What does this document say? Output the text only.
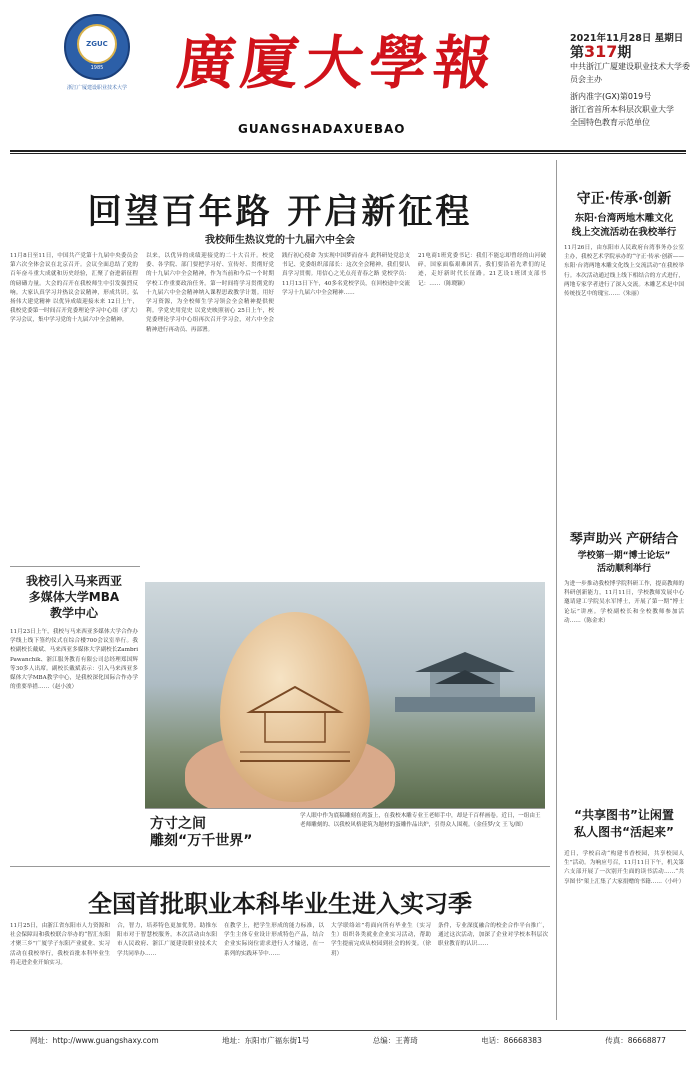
ZGUC
1985
浙江广厦建设职业技术大学 廣廈大學報
GUANGSHADAXUEBAO
2021年11月28日 星期日
第317期
中共浙江广厦建设职业技术大学委员会主办
浙内准字(GX)第019号
浙江省首所本科层次职业大学
全国特色教育示范单位
回望百年路 开启新征程
我校师生热议党的十九届六中全会
11月8日至11日，中国共产党第十九届中央委员会第六次全体会议在北京召开。会议全面总结了党的百年奋斗重大成就和历史经验，汇聚了奋进新征程的磅礴力量。大会的召开在我校师生中引发强烈反响。大家认真学习并热议会议精神，形成共识。弘扬伟大建党精神 以优异成绩迎接未来 12日上午，我校党委第一时间召开党委理论学习中心组（扩大）学习会议，集中学习党的十九届六中全会精神。
以来，以优异的成绩迎接党的二十大召开。校党委、各学院、部门要把学习好、宣传好、贯彻好党的十九届六中全会精神，作为当前和今后一个时期学校工作重要政治任务。第一时间将学习贯彻党的十九届六中全会精神纳入课程思政教学计划。用好学习资源，为全校师生学习领会全会精神提供便利。学党史用党史 以党史映照初心 25日上午，校党委理论学习中心组再次召开学习会，对六中全会精神进行再动员、再部署。
践行初心使命 为实现中国梦而奋斗 此科研处党总支书记、党委组织部部长：这次全会精神，我们要认真学习贯彻。用信心之光点亮青春之路 党校学员：11月13日下午，40多名党校学员，在回校途中交流学习十九届六中全会精神……
21电商1班党委书记：我们不能忘却曾经的山河破碎，国家面临艰难困苦，我们要沿着先辈们的足迹，走好新时代长征路。21艺设1班团支部书记：……（陈晓颖）
守正·传承·创新
东阳·台湾两地木雕文化
线上交流活动在我校举行
11月26日，由东阳市人民政府台湾事务办公室主办，我校艺术学院承办的“守正·传承·创新——东阳·台湾两地木雕文化线上交流活动”在我校举行。本次活动通过线上线下相结合的方式进行，两地专家学者进行了深入交流。木雕艺术是中国传统技艺中的瑰宝……（朱丽）
琴声助兴 产研结合
学校第一期“博士论坛”
活动顺利举行
为进一步推动我校博学院科研工作，提高教师的科研创新能力，11月11日，学校教师发展中心邀请建工学院吴水军博士，开展了第一期“博士论坛”讲座。学校副校长和全校教师参加活动……（陈金来）
“共享图书”让闲置
私人图书“活起来”
近日，学校启动“构建书香校园，共享校园人生”活动。为响应号召，11月11日下午，机关第六支部开展了一次别开生面的读书活动……“共享图书”架上汇集了大家捐赠的书籍……（小叶）
我校引入马来西亚
多媒体大学MBA
教学中心
11月23日上午，我校与马来西亚多媒体大学合作办学线上线下签约仪式在综合楼700会议室举行。我校副校长戴斌、马来西亚多媒体大学副校长Zambri Pawanchik、浙江服务教育有限公司总经理郑国辉等30多人出席。副校长戴斌表示：引入马来西亚多媒体大学MBA教学中心，是我校深化国际合作办学的重要举措……（赵小波）
方寸之间
雕刻“万千世界”
学人眼中作为底稿雕刻在鸡蛋上，在我校木雕专业王老师手中，却是千百样画卷。近日，一组由王老师雕刻的、以我校风格建筑为题材的蛋雕作品出炉，引得众人围观。（金佳梦/文 王飞/图）
全国首批职业本科毕业生进入实习季
11月25日，由浙江省东阳市人力资源和社会保障局和我校联合举办的“智汇东阳 才聚三乡”广厦学子东阳产业就业、实习活动在我校举行，我校首批本科毕业生将走进企业开始实习。
合，智力，培养特色更加优势。助推东阳市对于智慧校服务，本次活动由东阳市人民政府、浙江广厦建设职业技术大学共同举办……
在教学上，把学生形成的能力标准，以学生主体专业设计形成特色产品，结合企业实际岗位需求进行人才输送，在一系列的实践环节中……
大学联络站”将面向所有毕业生（实习生）组织各类就业企业实习活动，帮助学生提前完成从校园到社会的转变。（徐玥）
条件，专业深度融合的校企合作平台推广，通过这次活动，加深了企业对学校本科层次职业教育的认识……
网址：http://www.guangshaxy.com	地址：东阳市广福东街1号	总编：王菁琦	电话：86668383	传真：86668877
